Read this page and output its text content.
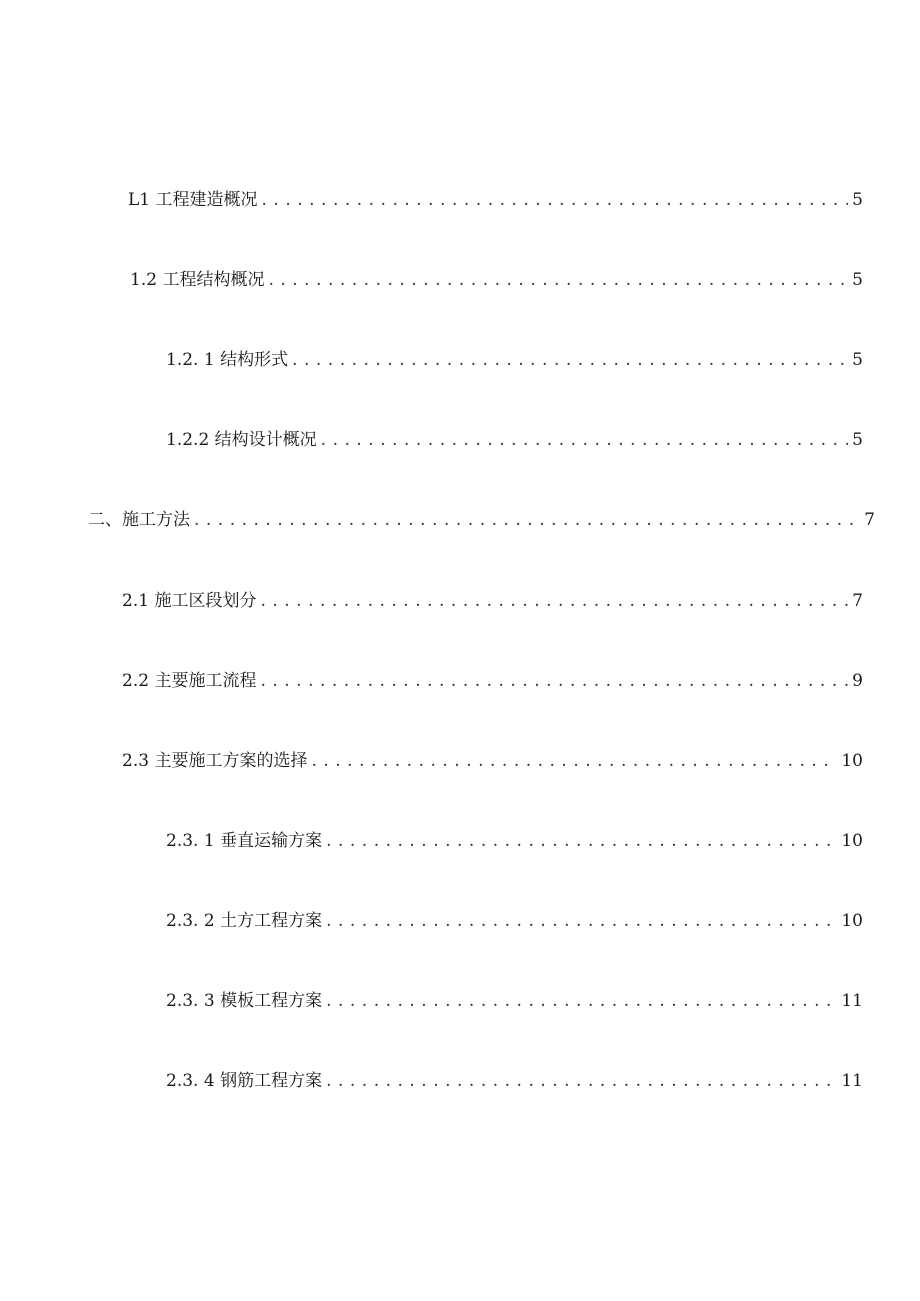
L1 工程建造概况 .....	5
1.2 工程结构概况 .....	5
1.2. 1 结构形式 .....	5
1.2.2 结构设计概况 .....	5
二、施工方法 .....	7
2.1 施工区段划分 .....	7
2.2 主要施工流程 .....	9
2.3 主要施工方案的选择 .....	10
2.3. 1 垂直运输方案 .....	10
2.3. 2 土方工程方案 .....	10
2.3. 3 模板工程方案 .....	11
2.3. 4 钢筋工程方案 .....	11
